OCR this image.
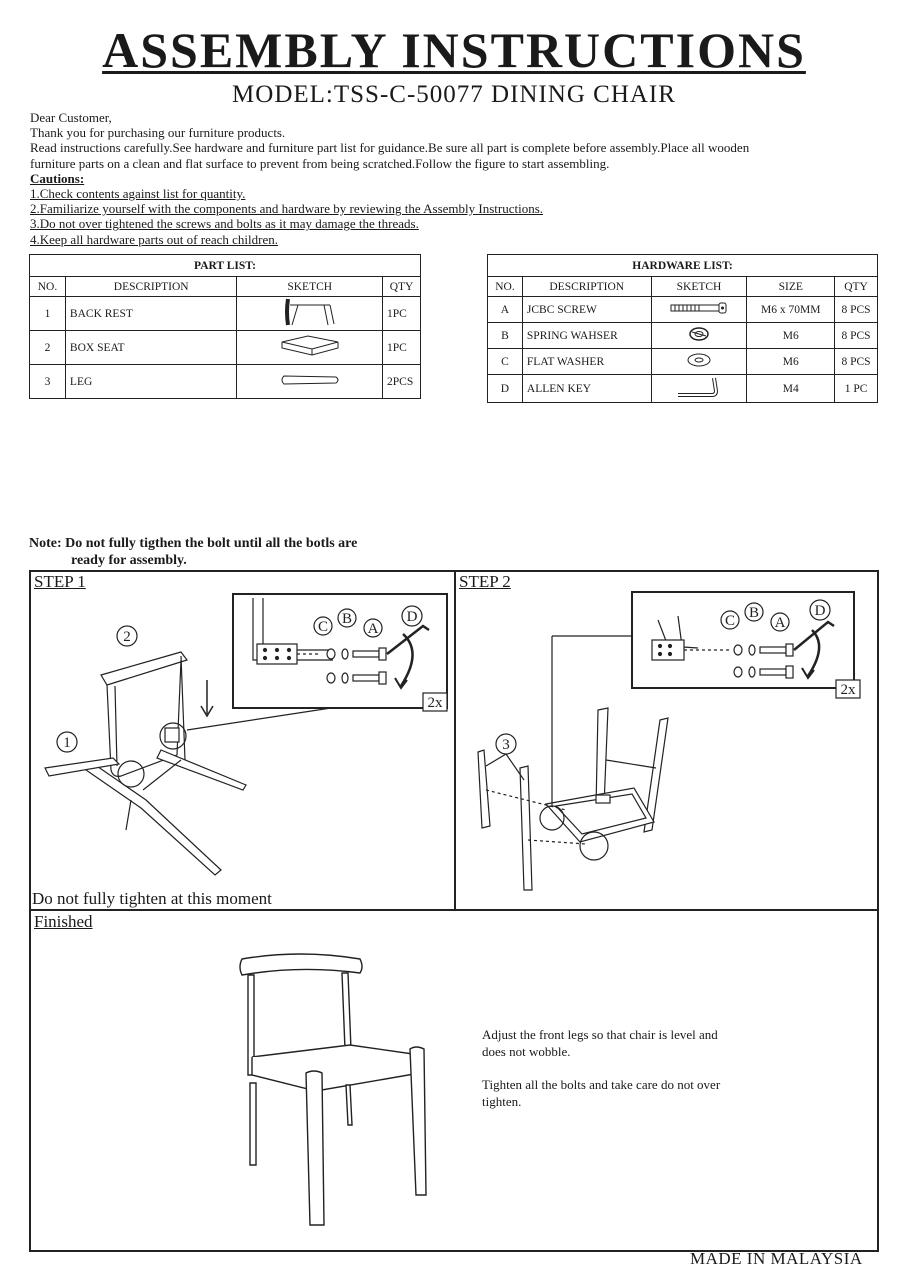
ASSEMBLY INSTRUCTIONS
MODEL:TSS-C-50077 DINING CHAIR

Dear Customer,

Thank you for purchasing our furniture products.

Read instructions carefully.See hardware and furniture part list for guidance.Be sure all part is complete before assembly.Place all wooden

furniture parts on a clean and flat surface to prevent from being scratched.Follow the figure to start assembling.

Cautions:

1.Check contents against list for quantity.

2.Familiarize yourself with the components and hardware by reviewing the Assembly Instructions.

3.Do not over tightened the screws and bolts as it may damage the threads.

4.Keep all hardware parts out of reach children.

PART LIST:			
NO.	DESCRIPTION	SKETCH	QTY
1	BACK REST		1PC
2	BOX SEAT		1PC
3	LEG		2PCS
HARDWARE LIST:				
NO.	DESCRIPTION	SKETCH	SIZE	QTY
A	JCBC SCREW		M6 x 70MM	8 PCS
B	SPRING WAHSER		M6	8 PCS
C	FLAT WASHER		M6	8 PCS
D	ALLEN KEY		M4	1 PC
Note: Do not fully tigthen the bolt until all the botls are
ready for assembly.
STEP 1	STEP 2
Finished
C B
A
D
2x
2
1
Do not fully tighten at this moment
C B
A
D
2x
3

Adjust the front legs so that chair is level and does not wobble.

Tighten all the bolts and take care do not over tighten.

MADE IN MALAYSIA
